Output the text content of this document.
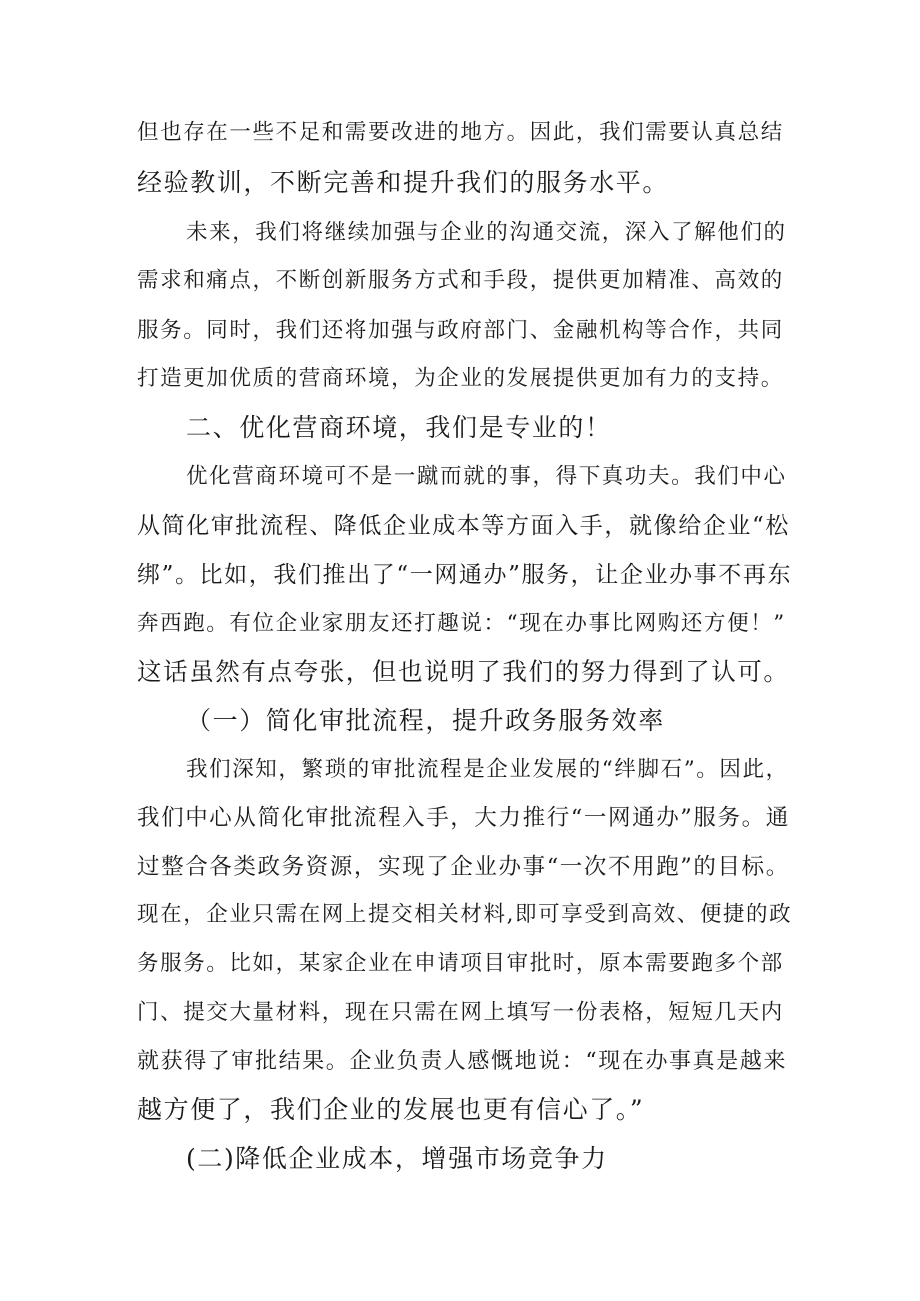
但也存在一些不足和需要改进的地方。因此，我们需要认真总结
经验教训，不断完善和提升我们的服务水平。
未来，我们将继续加强与企业的沟通交流，深入了解他们的
需求和痛点，不断创新服务方式和手段，提供更加精准、高效的
服务。同时，我们还将加强与政府部门、金融机构等合作，共同
打造更加优质的营商环境，为企业的发展提供更加有力的支持。
二、优化营商环境，我们是专业的！
优化营商环境可不是一蹴而就的事，得下真功夫。我们中心
从简化审批流程、降低企业成本等方面入手，就像给企业“松
绑”。比如，我们推出了“一网通办”服务，让企业办事不再东
奔西跑。有位企业家朋友还打趣说：“现在办事比网购还方便！”
这话虽然有点夸张，但也说明了我们的努力得到了认可。
（一）简化审批流程，提升政务服务效率
我们深知，繁琐的审批流程是企业发展的“绊脚石”。因此，
我们中心从简化审批流程入手，大力推行“一网通办”服务。通
过整合各类政务资源，实现了企业办事“一次不用跑”的目标。
现在，企业只需在网上提交相关材料,即可享受到高效、便捷的政
务服务。比如，某家企业在申请项目审批时，原本需要跑多个部
门、提交大量材料，现在只需在网上填写一份表格，短短几天内
就获得了审批结果。企业负责人感慨地说：“现在办事真是越来
越方便了，我们企业的发展也更有信心了。”
(二)降低企业成本，增强市场竞争力
